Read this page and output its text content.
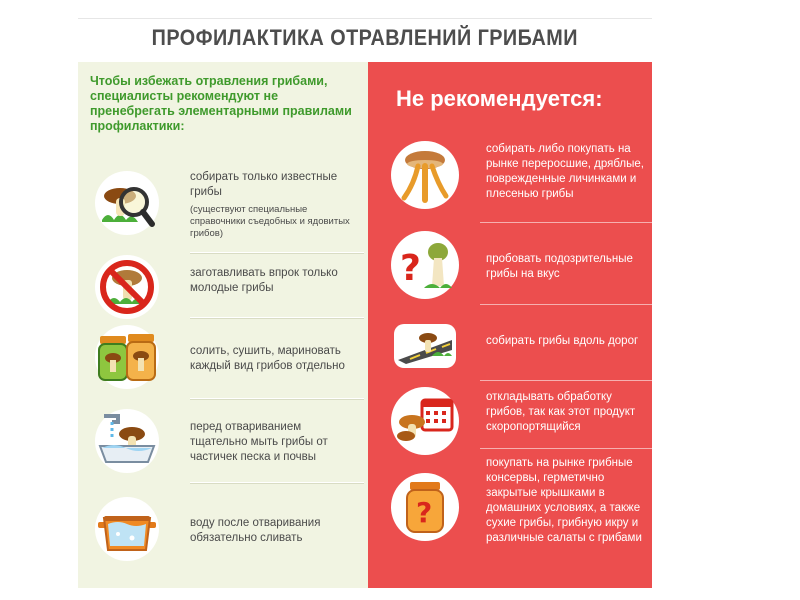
ПРОФИЛАКТИКА ОТРАВЛЕНИЙ ГРИБАМИ
Чтобы избежать отравления грибами, специалисты рекомендуют не пренебрегать элементарными правилами профилактики:
собирать только известные грибы
(существуют специальные справочники съедобных и ядовитых грибов)
заготавливать впрок только молодые грибы
солить, сушить, мариновать каждый вид грибов отдельно
перед отвариванием тщательно мыть грибы от частичек песка и почвы
воду после отваривания обязательно сливать
Не рекомендуется:
собирать либо покупать на рынке переросшие, дряблые, поврежденные личинками и плесенью грибы
?	пробовать подозрительные грибы на вкус
собирать грибы вдоль дорог
откладывать обработку грибов, так как этот продукт скоропортящийся
?
покупать на рынке грибные консервы, герметично закрытые крышками в домашних условиях, а также сухие грибы, грибную икру и различные салаты с грибами
